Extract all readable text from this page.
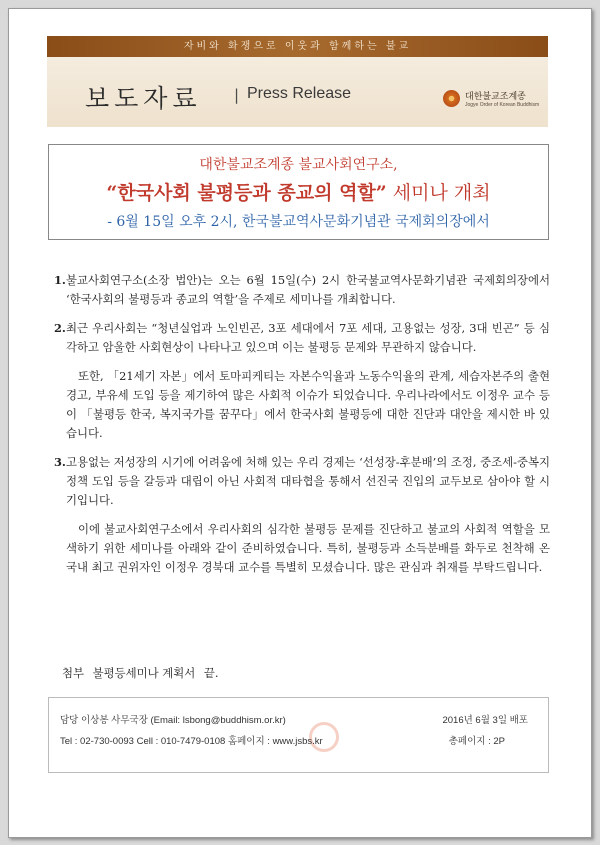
자비와 화쟁으로 이웃과 함께하는 불교
보도자료 | Press Release	대한불교조계종
Jogye Order of Korean Buddhism
대한불교조계종 불교사회연구소,
“한국사회 불평등과 종교의 역할” 세미나 개최
- 6월 15일 오후 2시, 한국불교역사문화기념관 국제회의장에서
1. 불교사회연구소(소장 법안)는 오는 6월 15일(수) 2시 한국불교역사문화기념관 국제회의장에서 ‘한국사회의 불평등과 종교의 역할’을 주제로 세미나를 개최합니다.
2. 최근 우리사회는 “청년실업과 노인빈곤, 3포 세대에서 7포 세대, 고용없는 성장, 3대 빈곤” 등 심각하고 암울한 사회현상이 나타나고 있으며 이는 불평등 문제와 무관하지 않습니다.
또한, 「21세기 자본」에서 토마피케티는 자본수익율과 노동수익율의 관계, 세습자본주의 출현 경고, 부유세 도입 등을 제기하여 많은 사회적 이슈가 되었습니다. 우리나라에서도 이정우 교수 등이 「불평등 한국, 복지국가를 꿈꾸다」에서 한국사회 불평등에 대한 진단과 대안을 제시한 바 있습니다.
3. 고용없는 저성장의 시기에 어려움에 처해 있는 우리 경제는 ‘선성장-후분배’의 조정, 중조세-중복지 정책 도입 등을 갈등과 대립이 아닌 사회적 대타협을 통해서 선진국 진입의 교두보로 삼아야 할 시기입니다.
이에 불교사회연구소에서 우리사회의 심각한 불평등 문제를 진단하고 불교의 사회적 역할을 모색하기 위한 세미나를 아래와 같이 준비하였습니다. 특히, 불평등과 소득분배를 화두로 천착해 온 국내 최고 권위자인 이정우 경북대 교수를 특별히 모셨습니다. 많은 관심과 취재를 부탁드립니다.
첨부 불평등세미나 계획서 끝.
담당 이상봉 사무국장 (Email: lsbong@buddhism.or.kr)	2016년 6월 3일 배포
Tel : 02-730-0093 Cell : 010-7479-0108 홈페이지 : www.jsbs.kr	총페이지 : 2P
